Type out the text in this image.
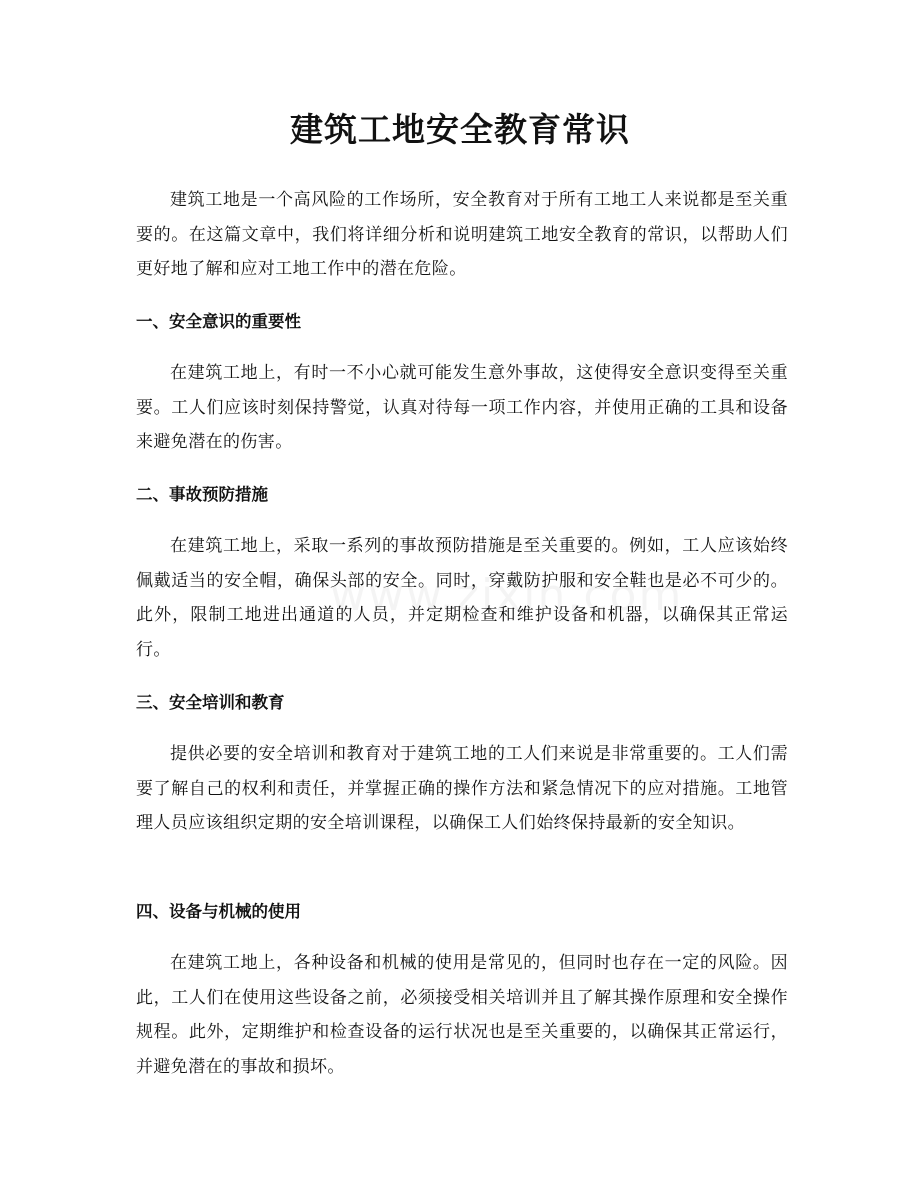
建筑工地安全教育常识

建筑工地是一个高风险的工作场所，安全教育对于所有工地工人来说都是至关重要的。在这篇文章中，我们将详细分析和说明建筑工地安全教育的常识，以帮助人们更好地了解和应对工地工作中的潜在危险。

一、安全意识的重要性

在建筑工地上，有时一不小心就可能发生意外事故，这使得安全意识变得至关重要。工人们应该时刻保持警觉，认真对待每一项工作内容，并使用正确的工具和设备来避免潜在的伤害。

二、事故预防措施

在建筑工地上，采取一系列的事故预防措施是至关重要的。例如，工人应该始终佩戴适当的安全帽，确保头部的安全。同时，穿戴防护服和安全鞋也是必不可少的。此外，限制工地进出通道的人员，并定期检查和维护设备和机器，以确保其正常运行。

三、安全培训和教育

提供必要的安全培训和教育对于建筑工地的工人们来说是非常重要的。工人们需要了解自己的权利和责任，并掌握正确的操作方法和紧急情况下的应对措施。工地管理人员应该组织定期的安全培训课程，以确保工人们始终保持最新的安全知识。

四、设备与机械的使用

在建筑工地上，各种设备和机械的使用是常见的，但同时也存在一定的风险。因此，工人们在使用这些设备之前，必须接受相关培训并且了解其操作原理和安全操作规程。此外，定期维护和检查设备的运行状况也是至关重要的，以确保其正常运行，并避免潜在的事故和损坏。
